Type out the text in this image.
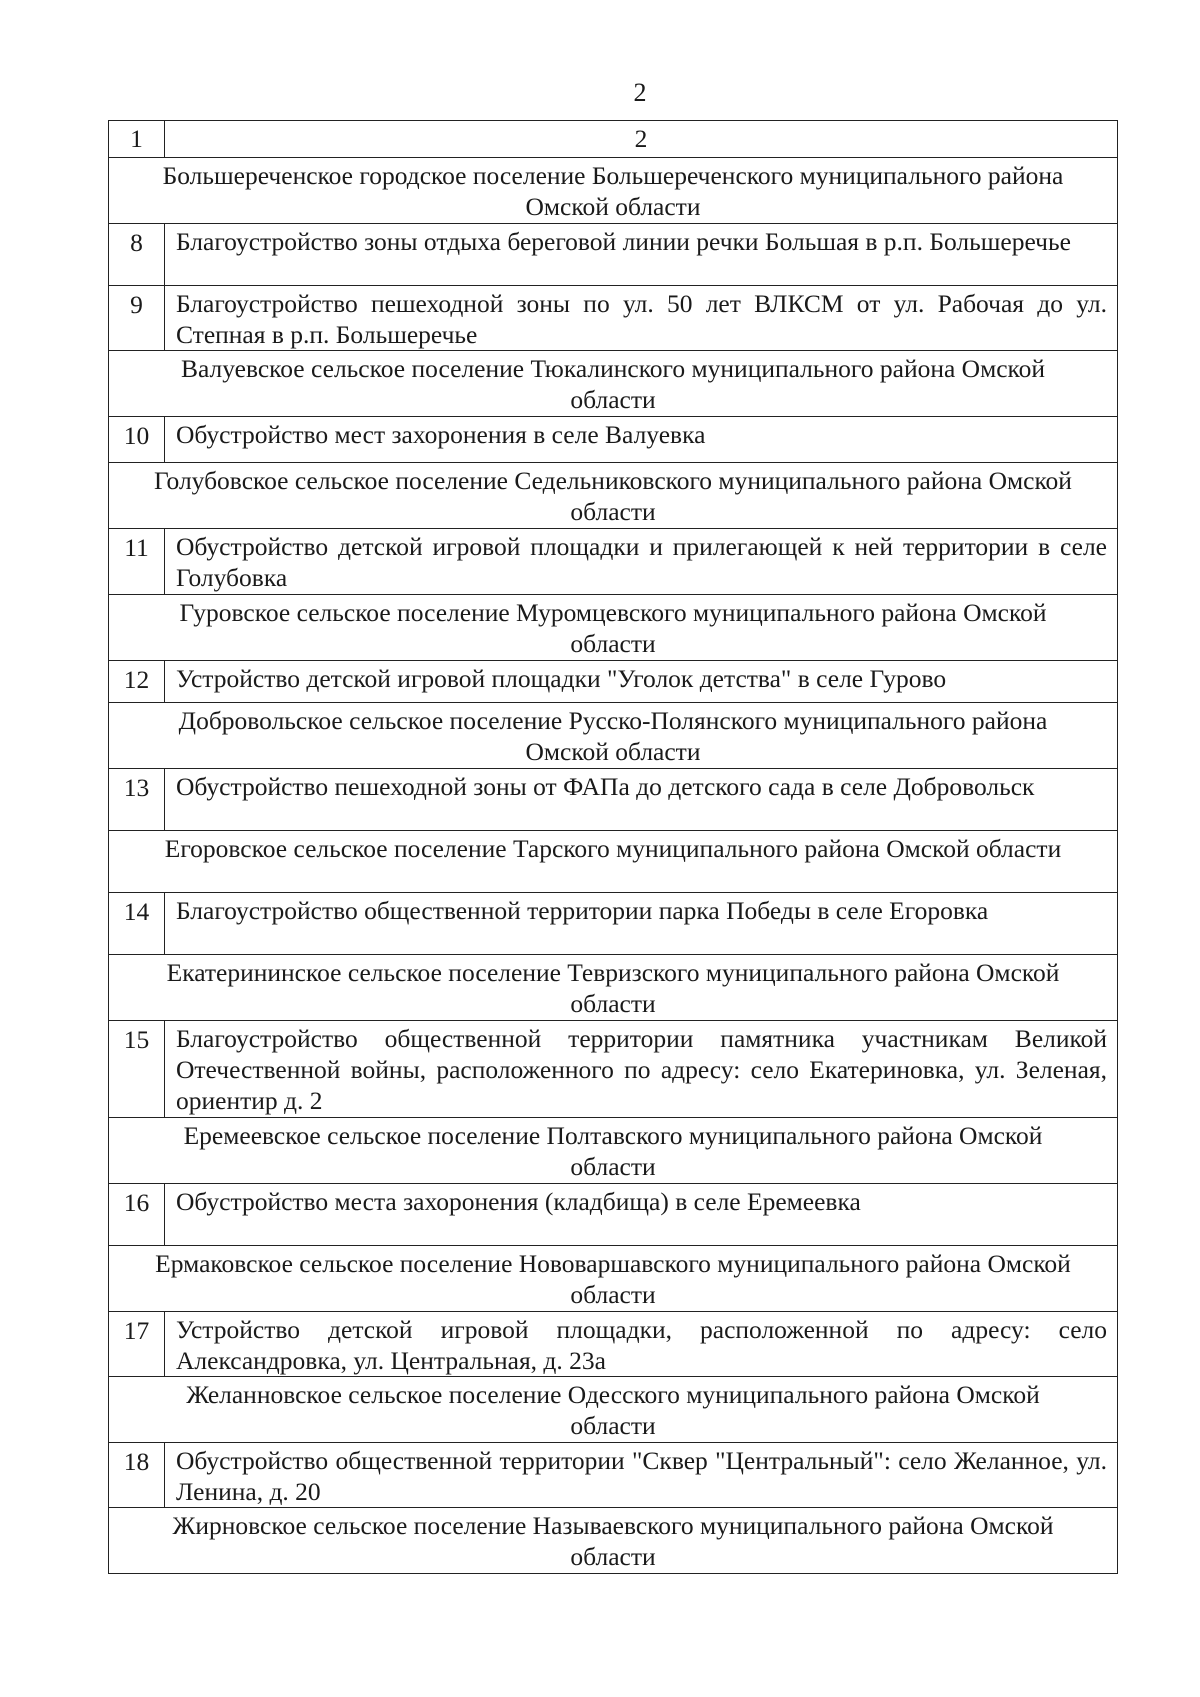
2
1	2
Большереченское городское поселение Большереченского муниципального района Омской области	
8	Благоустройство зоны отдыха береговой линии речки Большая в р.п. Большеречье
9	Благоустройство пешеходной зоны по ул. 50 лет ВЛКСМ от ул. Рабочая до ул. Степная в р.п. Большеречье
Валуевское сельское поселение Тюкалинского муниципального района Омской области	
10	Обустройство мест захоронения в селе Валуевка
Голубовское сельское поселение Седельниковского муниципального района Омской области	
11	Обустройство детской игровой площадки и прилегающей к ней территории в селе Голубовка
Гуровское сельское поселение Муромцевского муниципального района Омской области	
12	Устройство детской игровой площадки "Уголок детства" в селе Гурово
Добровольское сельское поселение Русско-Полянского муниципального района Омской области	
13	Обустройство пешеходной зоны от ФАПа до детского сада в селе Добровольск
Егоровское сельское поселение Тарского муниципального района Омской области	
14	Благоустройство общественной территории парка Победы в селе Егоровка
Екатерининское сельское поселение Тевризского муниципального района Омской области	
15	Благоустройство общественной территории памятника участникам Великой Отечественной войны, расположенного по адресу: село Екатериновка, ул. Зеленая, ориентир д. 2
Еремеевское сельское поселение Полтавского муниципального района Омской области	
16	Обустройство места захоронения (кладбища) в селе Еремеевка
Ермаковское сельское поселение Нововаршавского муниципального района Омской области	
17	Устройство детской игровой площадки, расположенной по адресу: село Александровка, ул. Центральная, д. 23а
Желанновское сельское поселение Одесского муниципального района Омской области	
18	Обустройство общественной территории "Сквер "Центральный": село Желанное, ул. Ленина, д. 20
Жирновское сельское поселение Называевского муниципального района Омской области	
